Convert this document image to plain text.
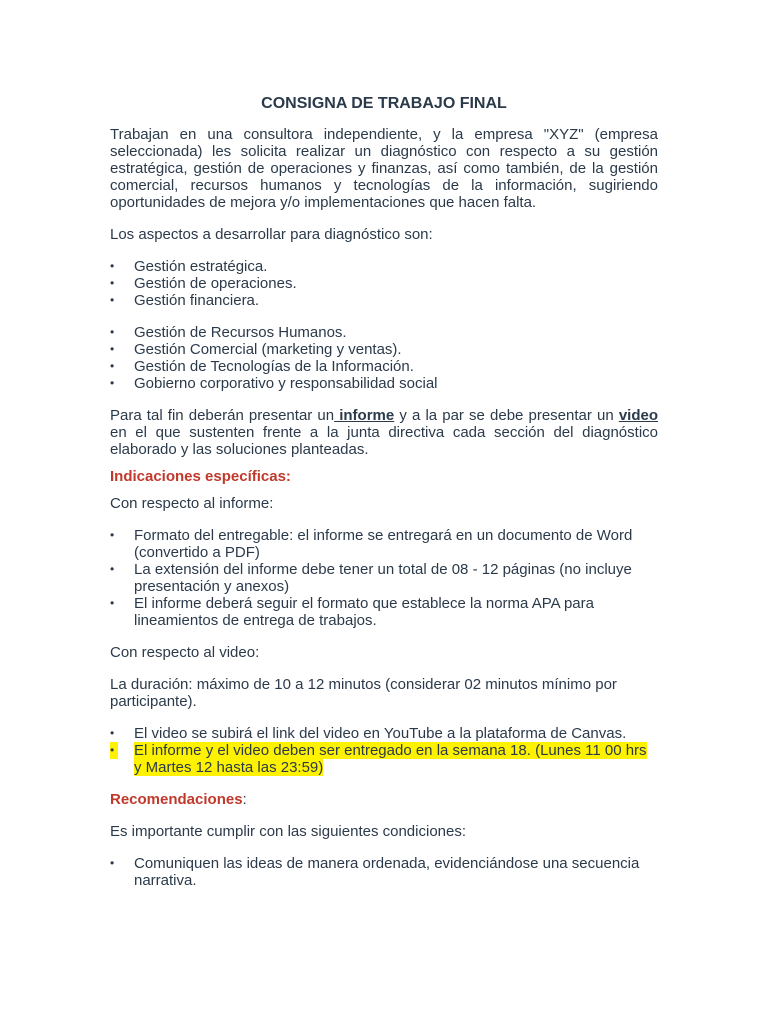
CONSIGNA DE TRABAJO FINAL

Trabajan en una consultora independiente, y la empresa "XYZ" (empresa seleccionada) les solicita realizar un diagnóstico con respecto a su gestión estratégica, gestión de operaciones y finanzas, así como también, de la gestión comercial, recursos humanos y tecnologías de la información, sugiriendo oportunidades de mejora y/o implementaciones que hacen falta.

Los aspectos a desarrollar para diagnóstico son:

• Gestión estratégica.
• Gestión de operaciones.
• Gestión financiera.
• Gestión de Recursos Humanos.
• Gestión Comercial (marketing y ventas).
• Gestión de Tecnologías de la Información.
• Gobierno corporativo y responsabilidad social

Para tal fin deberán presentar un informe y a la par se debe presentar un video en el que sustenten frente a la junta directiva cada sección del diagnóstico elaborado y las soluciones planteadas.

Indicaciones específicas:

Con respecto al informe:

• Formato del entregable: el informe se entregará en un documento de Word (convertido a PDF)
• La extensión del informe debe tener un total de 08 - 12 páginas (no incluye presentación y anexos)
• El informe deberá seguir el formato que establece la norma APA para lineamientos de entrega de trabajos.

Con respecto al video:

La duración: máximo de 10 a 12 minutos (considerar 02 minutos mínimo por participante).

• El video se subirá el link del video en YouTube a la plataforma de Canvas.
• El informe y el video deben ser entregado en la semana 18. (Lunes 11 00 hrs y Martes 12 hasta las 23:59)

Recomendaciones:

Es importante cumplir con las siguientes condiciones:

• Comuniquen las ideas de manera ordenada, evidenciándose una secuencia narrativa.
